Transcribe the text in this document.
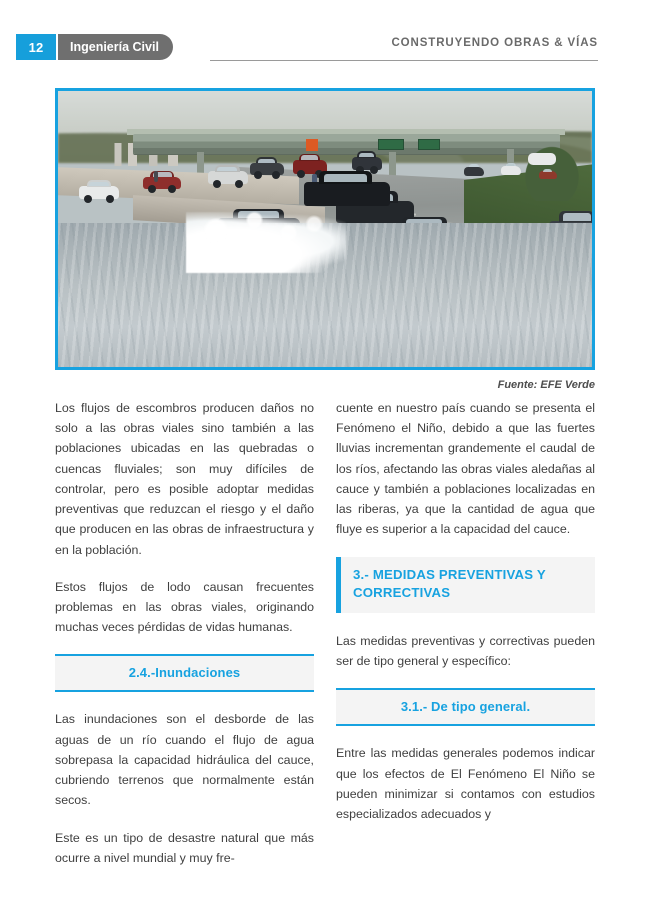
12	Ingeniería Civil	CONSTRUYENDO OBRAS & VÍAS
Fuente: EFE Verde

Los flujos de escombros producen daños no solo a las obras viales sino también a las poblaciones ubicadas en las quebradas o cuencas fluviales; son muy difíciles de controlar, pero es posible adoptar medidas preventivas que reduzcan el riesgo y el daño que producen en las obras de infraestructura y en la población.

Estos flujos de lodo causan frecuentes problemas en las obras viales, originando muchas veces pérdidas de vidas humanas.

2.4.-Inundaciones

Las inundaciones son el desborde de las aguas de un río cuando el flujo de agua sobrepasa la capacidad hidráulica del cauce, cubriendo terrenos que normalmente están secos.

Este es un tipo de desastre natural que más ocurre a nivel mundial y muy fre-

cuente en nuestro país cuando se presenta el Fenómeno el Niño, debido a que las fuertes lluvias incrementan grandemente el caudal de los ríos, afectando las obras viales aledañas al cauce y también a poblaciones localizadas en las riberas, ya que la cantidad de agua que fluye es superior a la capacidad del cauce.

3.- MEDIDAS PREVENTIVAS Y CORRECTIVAS

Las medidas preventivas y correctivas pueden ser de tipo general y específico:

3.1.- De tipo general.

Entre las medidas generales podemos indicar que los efectos de El Fenómeno El Niño se pueden minimizar si contamos con estudios especializados adecuados y
